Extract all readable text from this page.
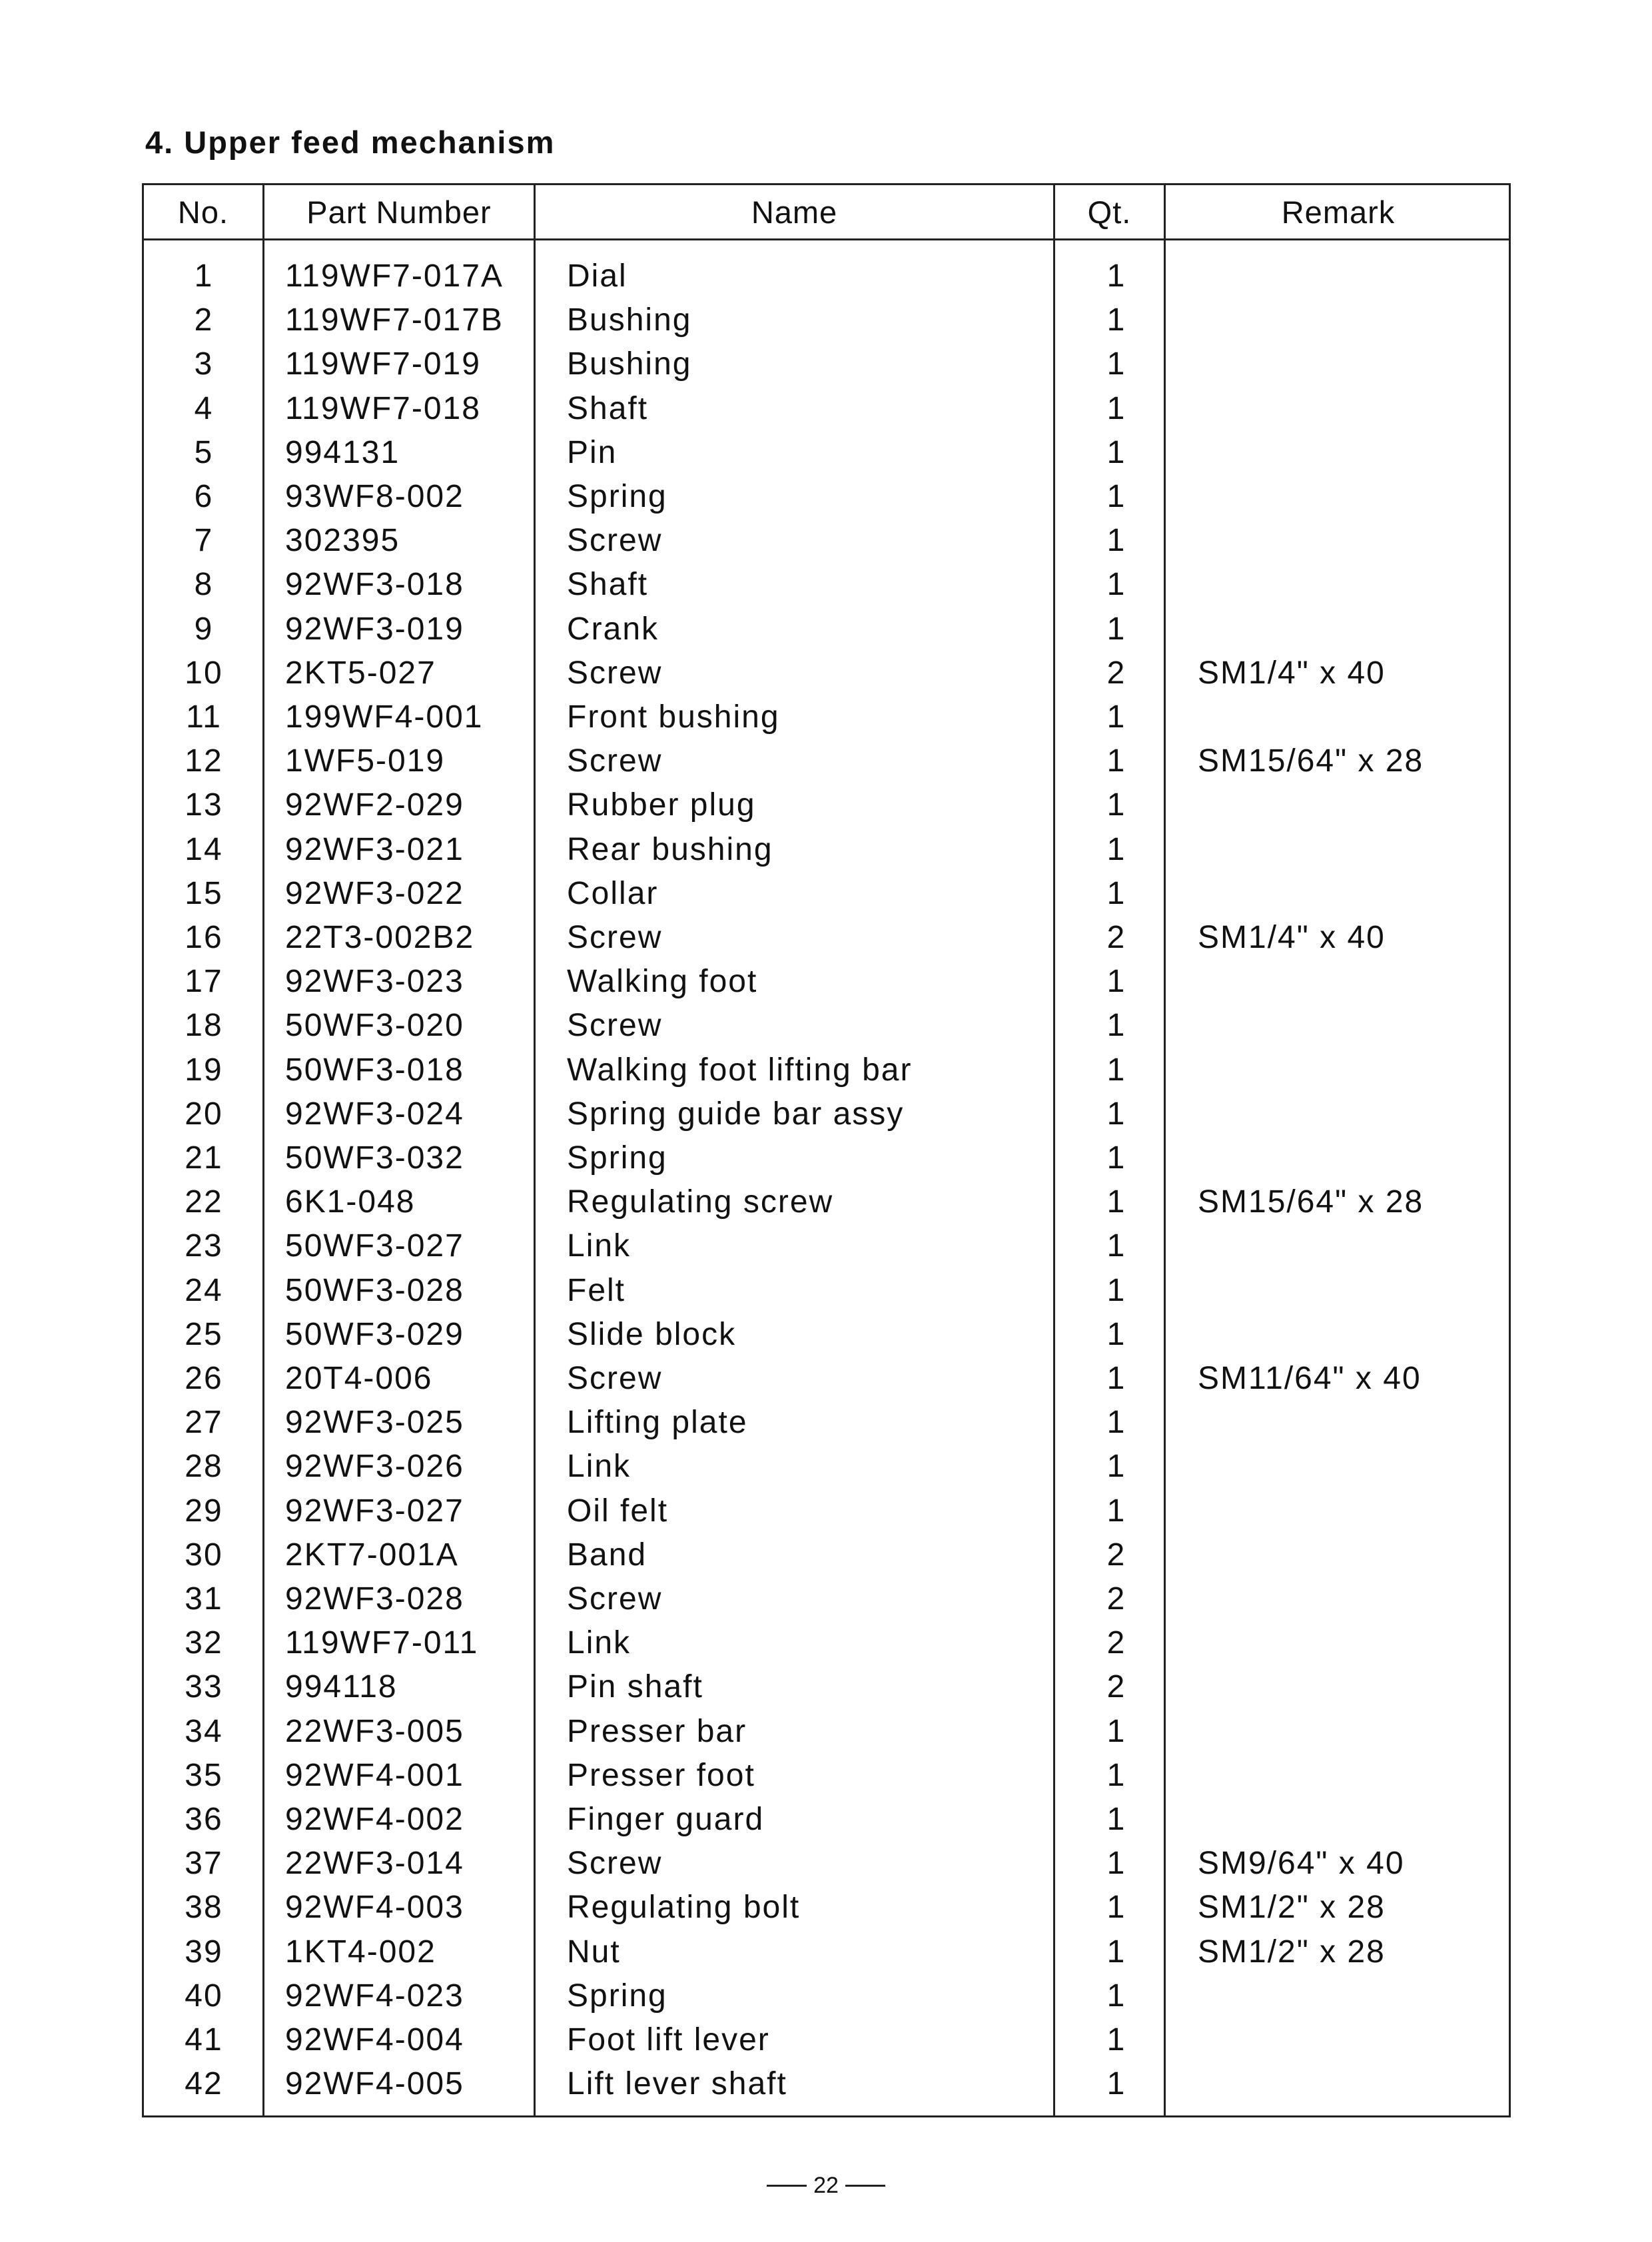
4. Upper feed mechanism
No.	Part Number	Name	Qt.	Remark
1	119WF7-017A Dial	1
2	119WF7-017B Bushing	1
3	119WF7-019	Bushing	1
4	119WF7-018	Shaft	1
5	994131	Pin	1
6	93WF8-002	Spring	1
7	302395	Screw	1
8	92WF3-018	Shaft	1
9	92WF3-019	Crank	1
10	2KT5-027	Screw	2	SM1/4" x 40
11	199WF4-001	Front bushing	1
12	1WF5-019	Screw	1	SM15/64" x 28
13	92WF2-029	Rubber plug	1
14	92WF3-021	Rear bushing	1
15	92WF3-022	Collar	1
16	22T3-002B2	Screw	2	SM1/4" x 40
17	92WF3-023	Walking foot	1
18	50WF3-020	Screw	1
19	50WF3-018	Walking foot lifting bar	1
20	92WF3-024	Spring guide bar assy	1
21	50WF3-032	Spring	1
22	6K1-048	Regulating screw	1	SM15/64" x 28
23	50WF3-027	Link	1
24	50WF3-028	Felt	1
25	50WF3-029	Slide block	1
26	20T4-006	Screw	1	SM11/64" x 40
27	92WF3-025	Lifting plate	1
28	92WF3-026	Link	1
29	92WF3-027	Oil felt	1
30	2KT7-001A	Band	2
31	92WF3-028	Screw	2
32	119WF7-011	Link	2
33	994118	Pin shaft	2
34	22WF3-005	Presser bar	1
35	92WF4-001	Presser foot	1
36	92WF4-002	Finger guard	1
37	22WF3-014	Screw	1	SM9/64" x 40
38	92WF4-003	Regulating bolt	1	SM1/2" x 28
39	1KT4-002	Nut	1	SM1/2" x 28
40	92WF4-023	Spring	1
41	92WF4-004	Foot lift lever	1
42	92WF4-005	Lift lever shaft	1
22
